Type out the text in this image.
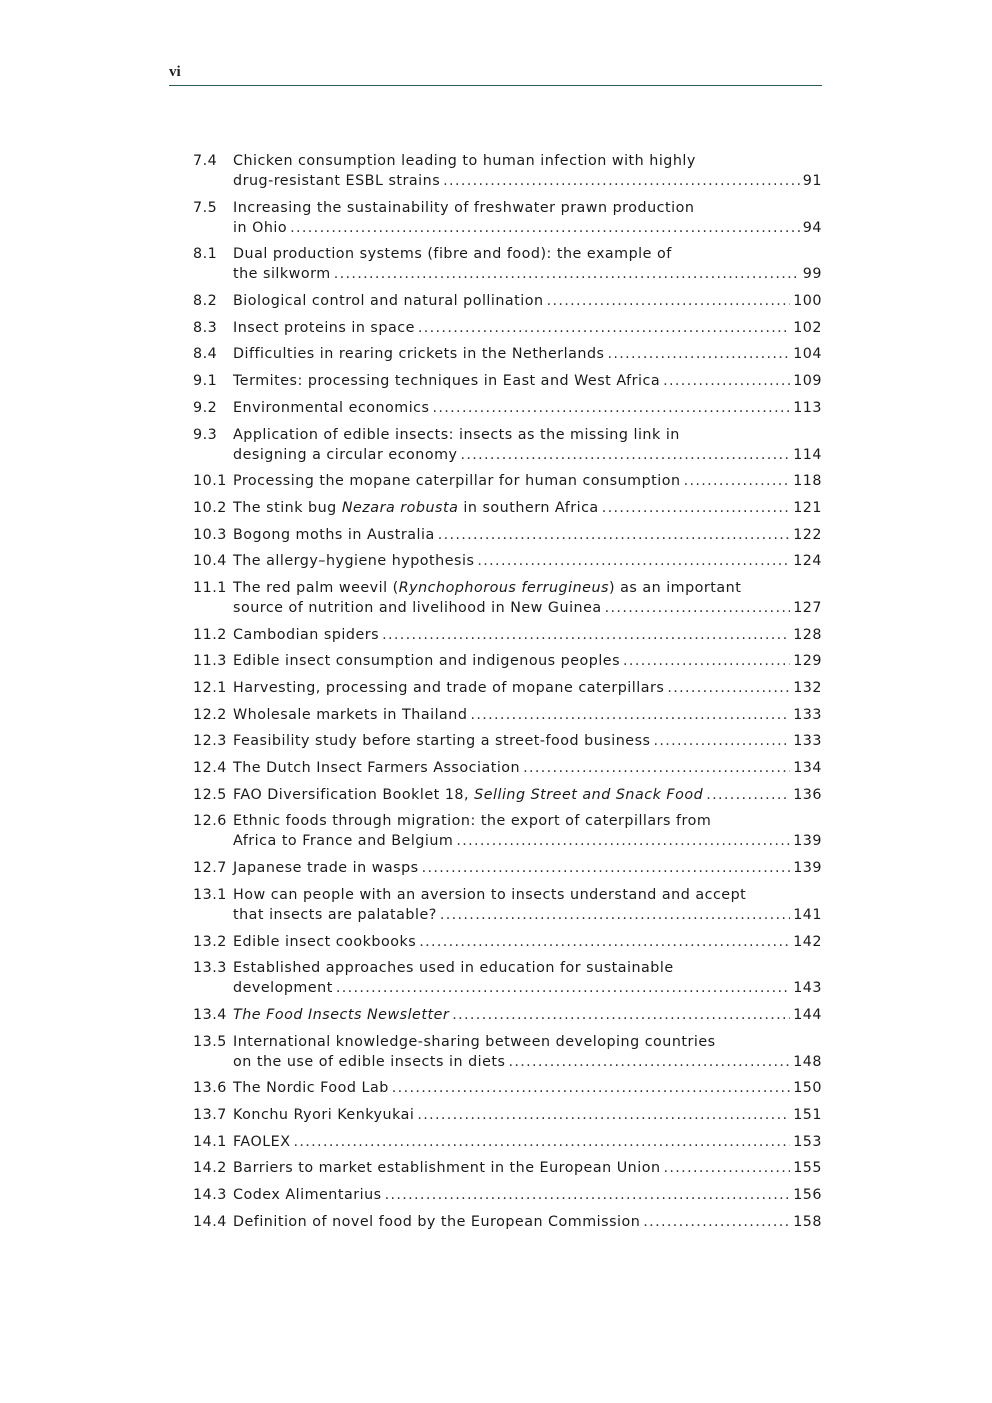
vi
7.4	Chicken consumption leading to human infection with highly
drug-resistant ESBL strains . . .	91
7.5	Increasing the sustainability of freshwater prawn production
in Ohio . . .	94
8.1	Dual production systems (fibre and food): the example of
the silkworm . . .	99
8.2	Biological control and natural pollination . . .	100
8.3	Insect proteins in space . . .	102
8.4	Difficulties in rearing crickets in the Netherlands . . .	104
9.1	Termites: processing techniques in East and West Africa . . .	109
9.2	Environmental economics . . .	113
9.3	Application of edible insects: insects as the missing link in
designing a circular economy . . .	114
10.1 Processing the mopane caterpillar for human consumption . . .	118
10.2 The stink bug Nezara robusta in southern Africa . . .	121
10.3 Bogong moths in Australia . . .	122
10.4 The allergy–hygiene hypothesis . . .	124
11.1 The red palm weevil (Rynchophorous ferrugineus) as an important
source of nutrition and livelihood in New Guinea . . .	127
11.2 Cambodian spiders . . .	128
11.3 Edible insect consumption and indigenous peoples . . .	129
12.1 Harvesting, processing and trade of mopane caterpillars . . .	132
12.2 Wholesale markets in Thailand . . .	133
12.3 Feasibility study before starting a street-food business . . .	133
12.4 The Dutch Insect Farmers Association . . .	134
12.5 FAO Diversification Booklet 18, Selling Street and Snack Food . . .	136
12.6 Ethnic foods through migration: the export of caterpillars from
Africa to France and Belgium . . .	139
12.7 Japanese trade in wasps . . .	139
13.1 How can people with an aversion to insects understand and accept
that insects are palatable? . . .	141
13.2 Edible insect cookbooks . . .	142
13.3 Established approaches used in education for sustainable
development . . .	143
13.4 The Food Insects Newsletter . . .	144
13.5 International knowledge-sharing between developing countries
on the use of edible insects in diets . . .	148
13.6 The Nordic Food Lab . . .	150
13.7 Konchu Ryori Kenkyukai . . .	151
14.1 FAOLEX . . .	153
14.2 Barriers to market establishment in the European Union . . .	155
14.3 Codex Alimentarius . . .	156
14.4 Definition of novel food by the European Commission . . .	158
